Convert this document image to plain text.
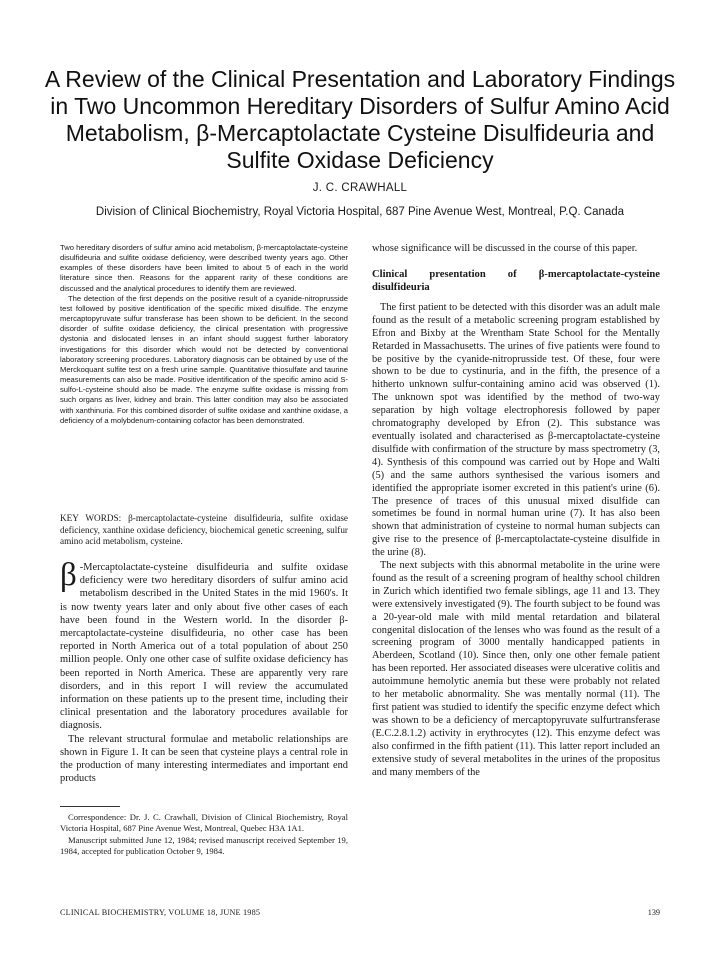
A Review of the Clinical Presentation and Laboratory Findings in Two Uncommon Hereditary Disorders of Sulfur Amino Acid Metabolism, β-Mercaptolactate Cysteine Disulfideuria and Sulfite Oxidase Deficiency
J. C. CRAWHALL
Division of Clinical Biochemistry, Royal Victoria Hospital, 687 Pine Avenue West, Montreal, P.Q. Canada

Two hereditary disorders of sulfur amino acid metabolism, β-mercaptolactate-cysteine disulfideuria and sulfite oxidase deficiency, were described twenty years ago. Other examples of these disorders have been limited to about 5 of each in the world literature since then. Reasons for the apparent rarity of these conditions are discussed and the analytical procedures to identify them are reviewed.

The detection of the first depends on the positive result of a cyanide-nitroprusside test followed by positive identification of the specific mixed disulfide. The enzyme mercaptopyruvate sulfur transferase has been shown to be deficient. In the second disorder of sulfite oxidase deficiency, the clinical presentation with progressive dystonia and dislocated lenses in an infant should suggest further laboratory investigations for this disorder which would not be detected by conventional laboratory screening procedures. Laboratory diagnosis can be obtained by use of the Merckoquant sulfite test on a fresh urine sample. Quantitative thiosulfate and taurine measurements can also be made. Positive identification of the specific amino acid S-sulfo-L-cysteine should also be made. The enzyme sulfite oxidase is missing from such organs as liver, kidney and brain. This latter condition may also be associated with xanthinuria. For this combined disorder of sulfite oxidase and xanthine oxidase, a deficiency of a molybdenum-containing cofactor has been demonstrated.

KEY WORDS: β-mercaptolactate-cysteine disulfideuria, sulfite oxidase deficiency, xanthine oxidase deficiency, biochemical genetic screening, sulfur amino acid metabolism, cysteine.

β -Mercaptolactate-cysteine disulfideuria and sulfite oxidase deficiency were two hereditary disorders of sulfur amino acid metabolism described in the United States in the mid 1960's. It is now twenty years later and only about five other cases of each have been found in the Western world. In the disorder β-mercaptolactate-cysteine disulfideuria, no other case has been reported in North America out of a total population of about 250 million people. Only one other case of sulfite oxidase deficiency has been reported in North America. These are apparently very rare disorders, and in this report I will review the accumulated information on these patients up to the present time, including their clinical presentation and the laboratory procedures available for diagnosis.

The relevant structural formulae and metabolic relationships are shown in Figure 1. It can be seen that cysteine plays a central role in the production of many interesting intermediates and important end products

Correspondence: Dr. J. C. Crawhall, Division of Clinical Biochemistry, Royal Victoria Hospital, 687 Pine Avenue West, Montreal, Quebec H3A 1A1.

Manuscript submitted June 12, 1984; revised manuscript received September 19, 1984, accepted for publication October 9, 1984.

whose significance will be discussed in the course of this paper.

Clinical presentation of β-mercaptolactate-cysteine disulfideuria

The first patient to be detected with this disorder was an adult male found as the result of a metabolic screening program established by Efron and Bixby at the Wrentham State School for the Mentally Retarded in Massachusetts. The urines of five patients were found to be positive by the cyanide-nitroprusside test. Of these, four were shown to be due to cystinuria, and in the fifth, the presence of a hitherto unknown sulfur-containing amino acid was observed (1). The unknown spot was identified by the method of two-way separation by high voltage electrophoresis followed by paper chromatography developed by Efron (2). This substance was eventually isolated and characterised as β-mercaptolactate-cysteine disulfide with confirmation of the structure by mass spectrometry (3, 4). Synthesis of this compound was carried out by Hope and Walti (5) and the same authors synthesised the various isomers and identified the appropriate isomer excreted in this patient's urine (6). The presence of traces of this unusual mixed disulfide can sometimes be found in normal human urine (7). It has also been shown that administration of cysteine to normal human subjects can give rise to the presence of β-mercaptolactate-cysteine disulfide in the urine (8).

The next subjects with this abnormal metabolite in the urine were found as the result of a screening program of healthy school children in Zurich which identified two female siblings, age 11 and 13. They were extensively investigated (9). The fourth subject to be found was a 20-year-old male with mild mental retardation and bilateral congenital dislocation of the lenses who was found as the result of a screening program of 3000 mentally handicapped patients in Aberdeen, Scotland (10). Since then, only one other female patient has been reported. Her associated diseases were ulcerative colitis and autoimmune hemolytic anemia but these were probably not related to her metabolic abnormality. She was mentally normal (11). The first patient was studied to identify the specific enzyme defect which was shown to be a deficiency of mercaptopyruvate sulfurtransferase (E.C.2.8.1.2) activity in erythrocytes (12). This enzyme defect was also confirmed in the fifth patient (11). This latter report included an extensive study of several metabolites in the urines of the propositus and many members of the

CLINICAL BIOCHEMISTRY, VOLUME 18, JUNE 1985	139
